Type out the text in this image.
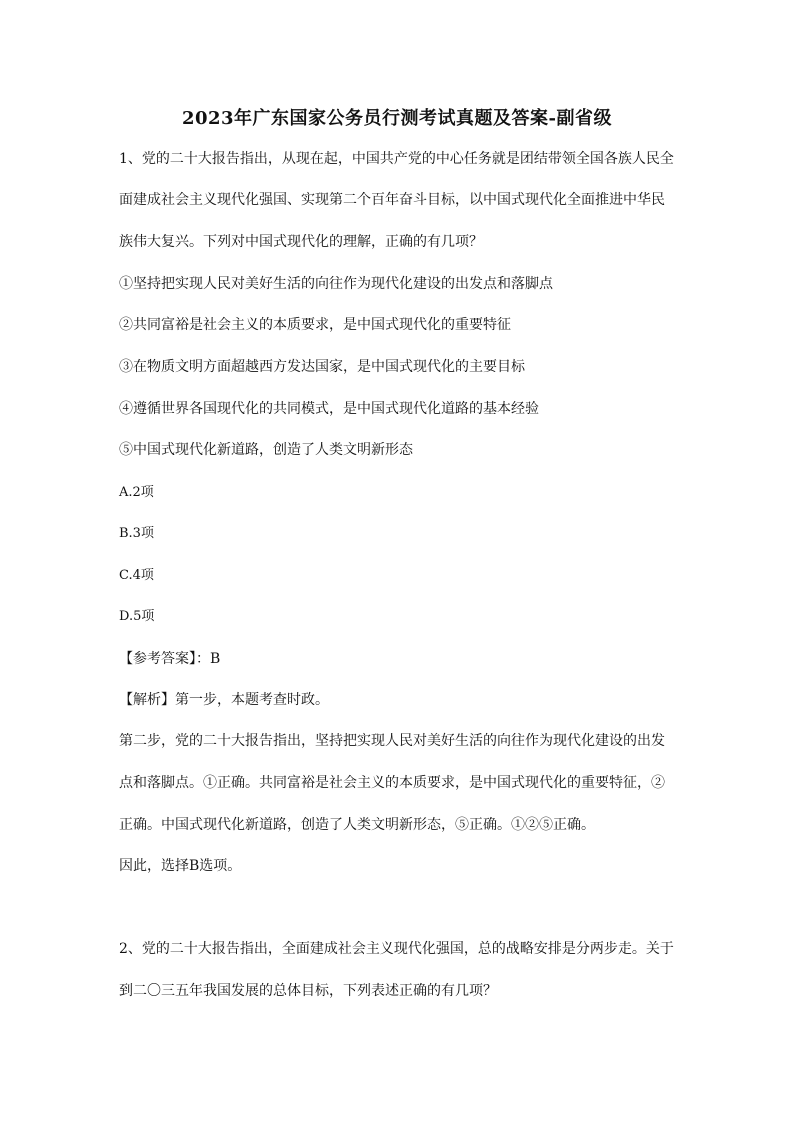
2023年广东国家公务员行测考试真题及答案-副省级
1、党的二十大报告指出，从现在起，中国共产党的中心任务就是团结带领全国各族人民全
面建成社会主义现代化强国、实现第二个百年奋斗目标，以中国式现代化全面推进中华民
族伟大复兴。下列对中国式现代化的理解，正确的有几项？
①坚持把实现人民对美好生活的向往作为现代化建设的出发点和落脚点
②共同富裕是社会主义的本质要求，是中国式现代化的重要特征
③在物质文明方面超越西方发达国家，是中国式现代化的主要目标
④遵循世界各国现代化的共同模式，是中国式现代化道路的基本经验
⑤中国式现代化新道路，创造了人类文明新形态
A.2项
B.3项
C.4项
D.5项
【参考答案】：B
【解析】第一步，本题考查时政。
第二步，党的二十大报告指出，坚持把实现人民对美好生活的向往作为现代化建设的出发
点和落脚点。①正确。共同富裕是社会主义的本质要求，是中国式现代化的重要特征，②
正确。中国式现代化新道路，创造了人类文明新形态，⑤正确。①②⑤正确。
因此，选择B选项。
2、党的二十大报告指出，全面建成社会主义现代化强国，总的战略安排是分两步走。关于
到二〇三五年我国发展的总体目标，下列表述正确的有几项？
